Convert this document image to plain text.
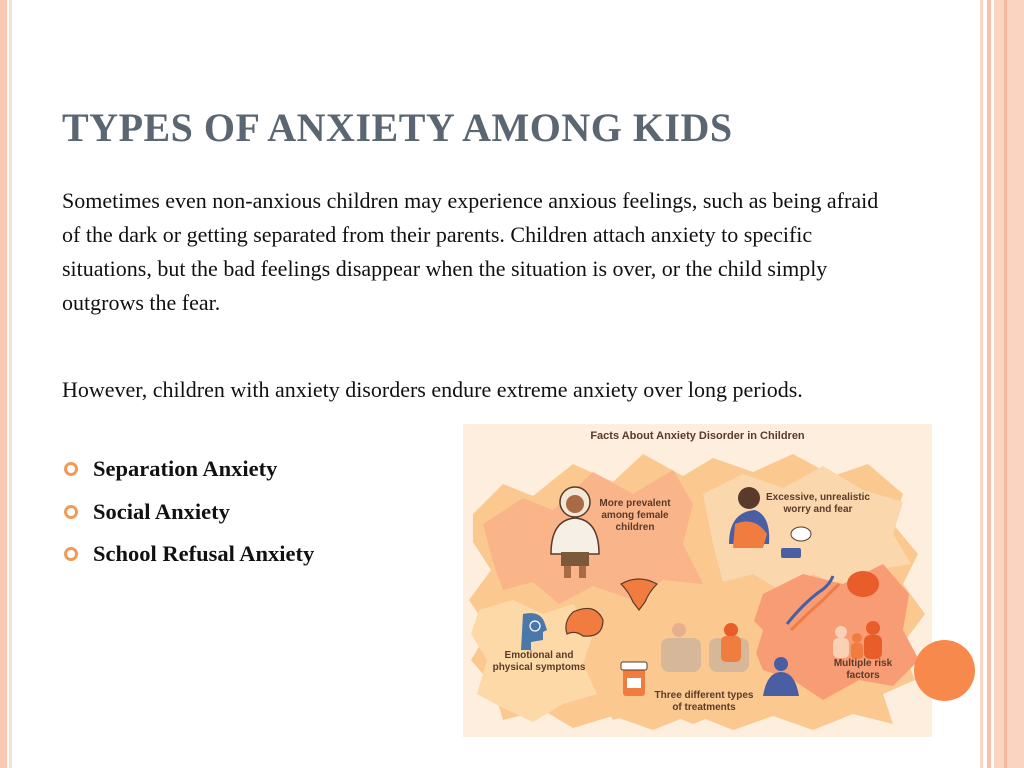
TYPES OF ANXIETY AMONG KIDS
Sometimes even non-anxious children may experience anxious feelings, such as being afraid of the dark or getting separated from their parents. Children attach anxiety to specific situations, but the bad feelings disappear when the situation is over, or the child simply outgrows the fear.
However, children with anxiety disorders endure extreme anxiety over long periods.
Separation Anxiety
Social Anxiety
School Refusal Anxiety
Facts About Anxiety Disorder in Children
More prevalent among female children
Excessive, unrealistic worry and fear
Emotional and physical symptoms	Multiple risk factors
Three different types of treatments
